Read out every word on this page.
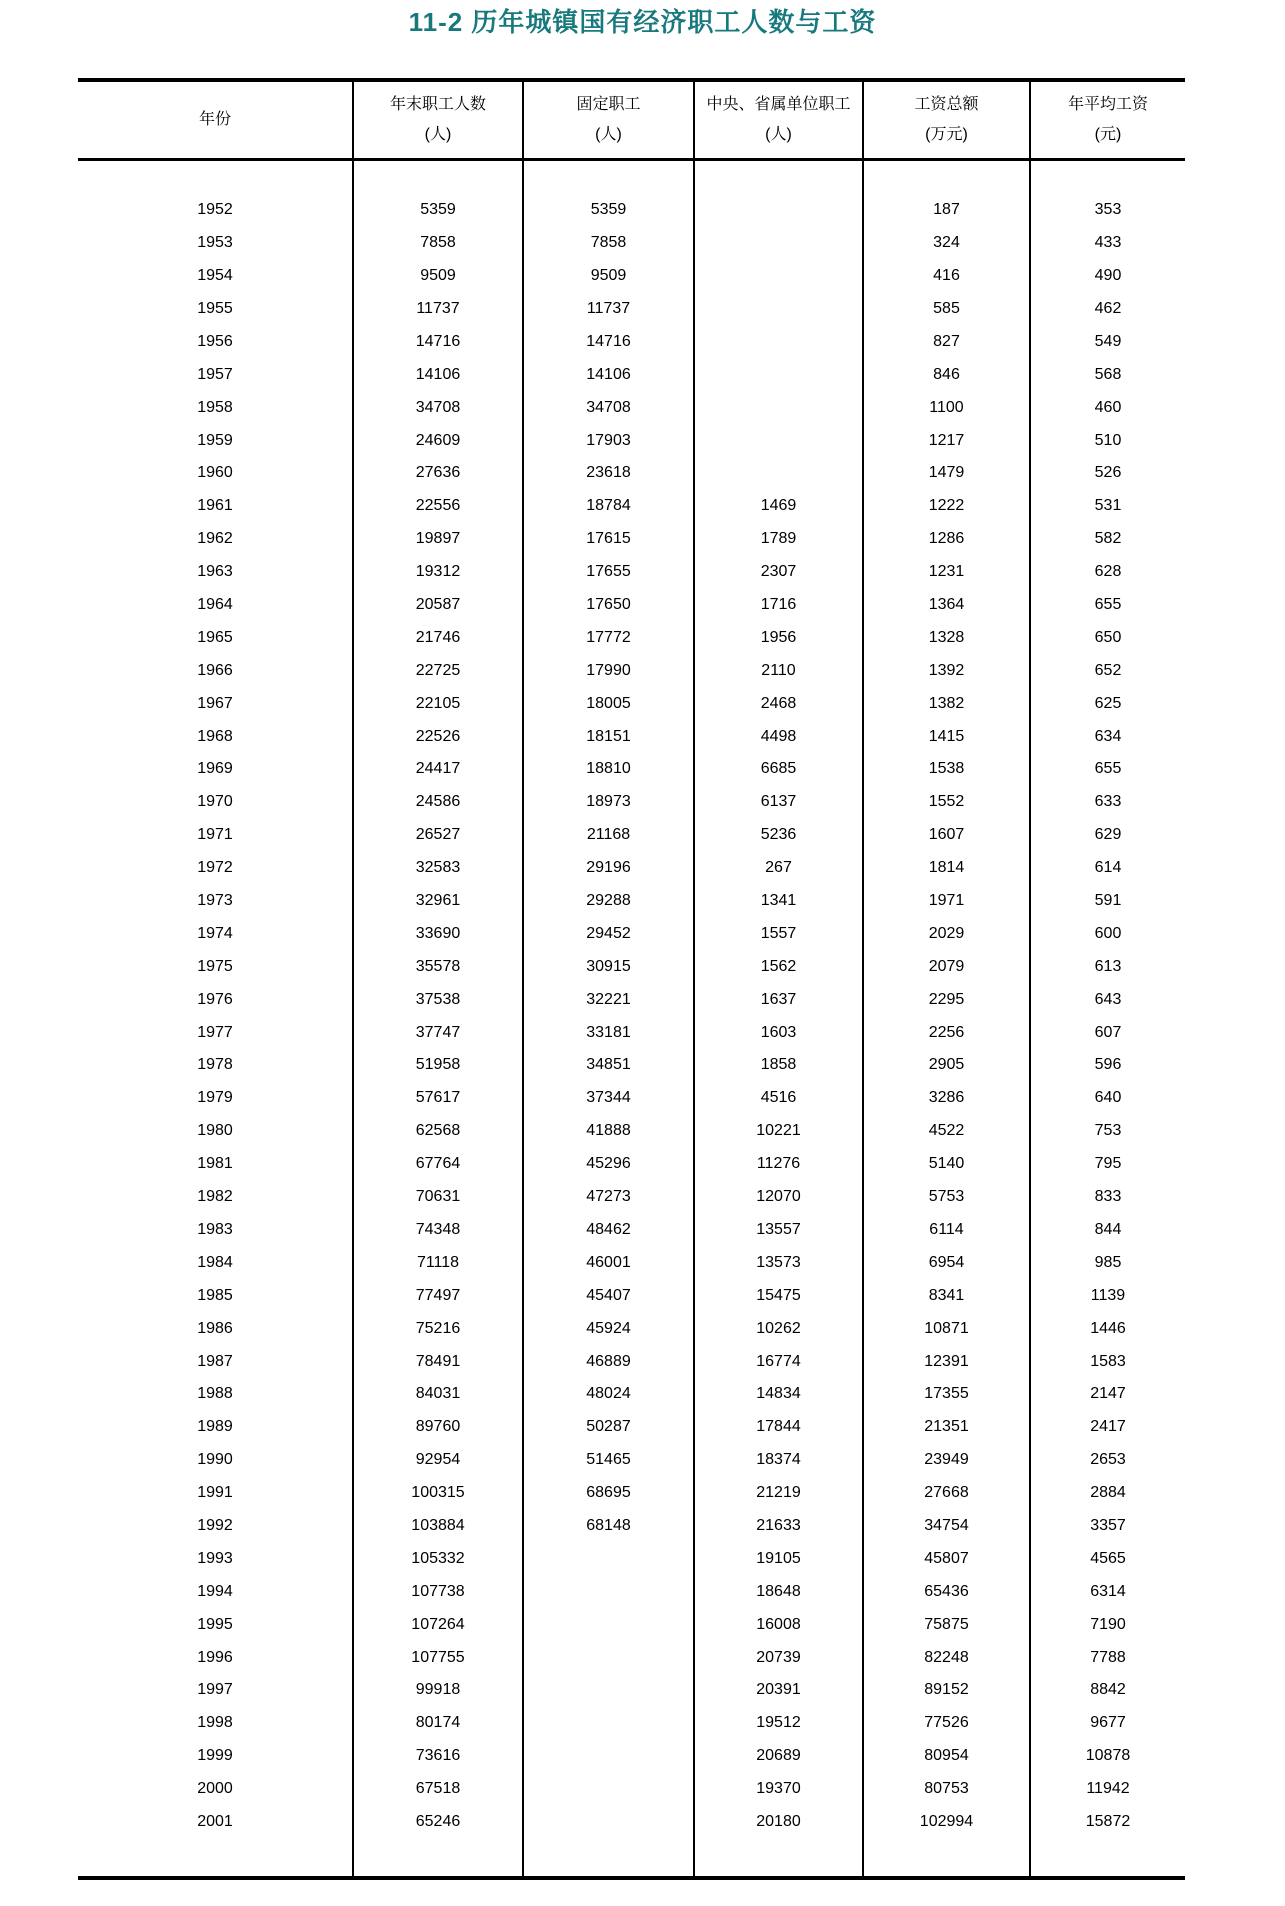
11-2 历年城镇国有经济职工人数与工资
年份

年末职工人数
(人)

固定职工
(人)

中央、省属单位职工
(人)

工资总额
(万元)

年平均工资
(元)

1952	5359	5359		187	353
1953	7858	7858		324	433
1954	9509	9509		416	490
1955	11737	11737		585	462
1956	14716	14716		827	549
1957	14106	14106		846	568
1958	34708	34708		1100	460
1959	24609	17903		1217	510
1960	27636	23618		1479	526
1961	22556	18784	1469	1222	531
1962	19897	17615	1789	1286	582
1963	19312	17655	2307	1231	628
1964	20587	17650	1716	1364	655
1965	21746	17772	1956	1328	650
1966	22725	17990	2110	1392	652
1967	22105	18005	2468	1382	625
1968	22526	18151	4498	1415	634
1969	24417	18810	6685	1538	655
1970	24586	18973	6137	1552	633
1971	26527	21168	5236	1607	629
1972	32583	29196	267	1814	614
1973	32961	29288	1341	1971	591
1974	33690	29452	1557	2029	600
1975	35578	30915	1562	2079	613
1976	37538	32221	1637	2295	643
1977	37747	33181	1603	2256	607
1978	51958	34851	1858	2905	596
1979	57617	37344	4516	3286	640
1980	62568	41888	10221	4522	753
1981	67764	45296	11276	5140	795
1982	70631	47273	12070	5753	833
1983	74348	48462	13557	6114	844
1984	71118	46001	13573	6954	985
1985	77497	45407	15475	8341	1139
1986	75216	45924	10262	10871	1446
1987	78491	46889	16774	12391	1583
1988	84031	48024	14834	17355	2147
1989	89760	50287	17844	21351	2417
1990	92954	51465	18374	23949	2653
1991	100315	68695	21219	27668	2884
1992	103884	68148	21633	34754	3357
1993	105332		19105	45807	4565
1994	107738		18648	65436	6314
1995	107264		16008	75875	7190
1996	107755		20739	82248	7788
1997	99918		20391	89152	8842
1998	80174		19512	77526	9677
1999	73616		20689	80954	10878
2000	67518		19370	80753	11942
2001	65246		20180	102994	15872
